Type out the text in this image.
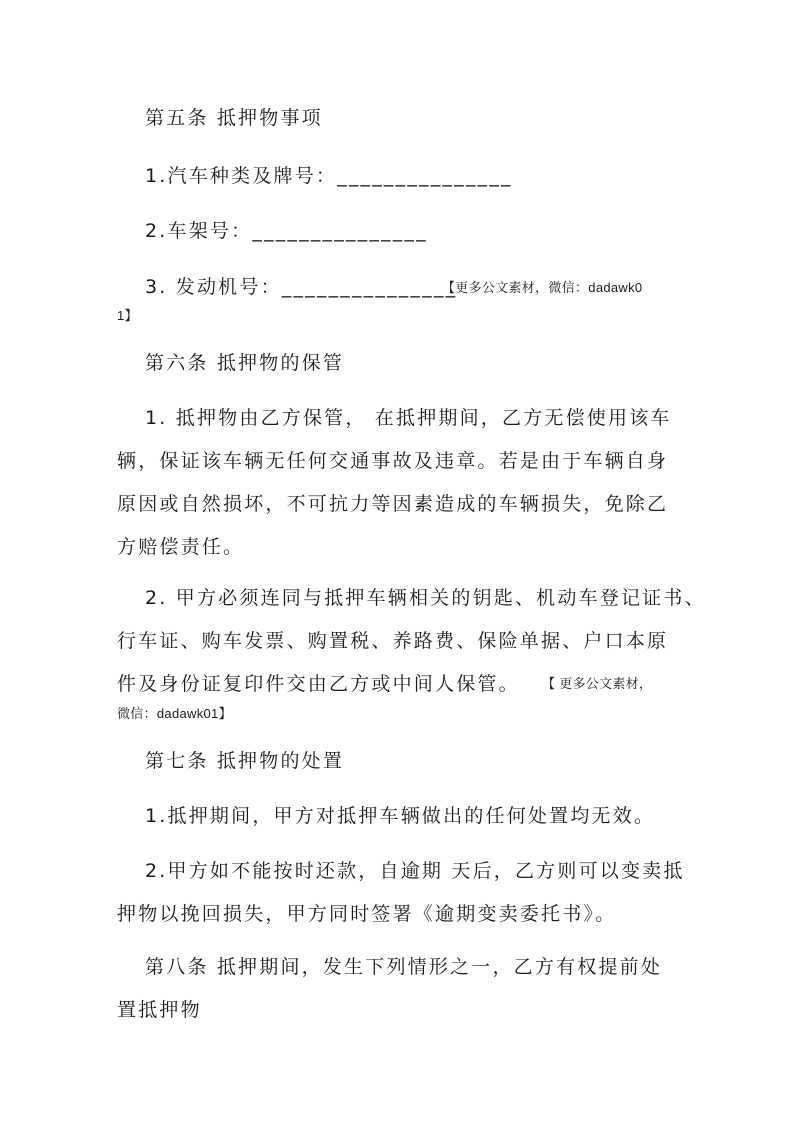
第五条 抵押物事项
1.汽车种类及牌号：_______________
2.车架号：_______________
3. 发动机号：_______________
【更多公文素材，微信：dadawk0
1】
第六条 抵押物的保管
1. 抵押物由乙方保管， 在抵押期间，乙方无偿使用该车
辆，保证该车辆无任何交通事故及违章。若是由于车辆自身
原因或自然损坏，不可抗力等因素造成的车辆损失，免除乙
方赔偿责任。
2. 甲方必须连同与抵押车辆相关的钥匙、机动车登记证书、
行车证、购车发票、购置税、养路费、保险单据、户口本原
件及身份证复印件交由乙方或中间人保管。 【 更多公文素材，
微信：dadawk01】
第七条 抵押物的处置
1.抵押期间，甲方对抵押车辆做出的任何处置均无效。
2.甲方如不能按时还款，自逾期 天后，乙方则可以变卖抵
押物以挽回损失，甲方同时签署《逾期变卖委托书》。
第八条 抵押期间，发生下列情形之一，乙方有权提前处
置抵押物
